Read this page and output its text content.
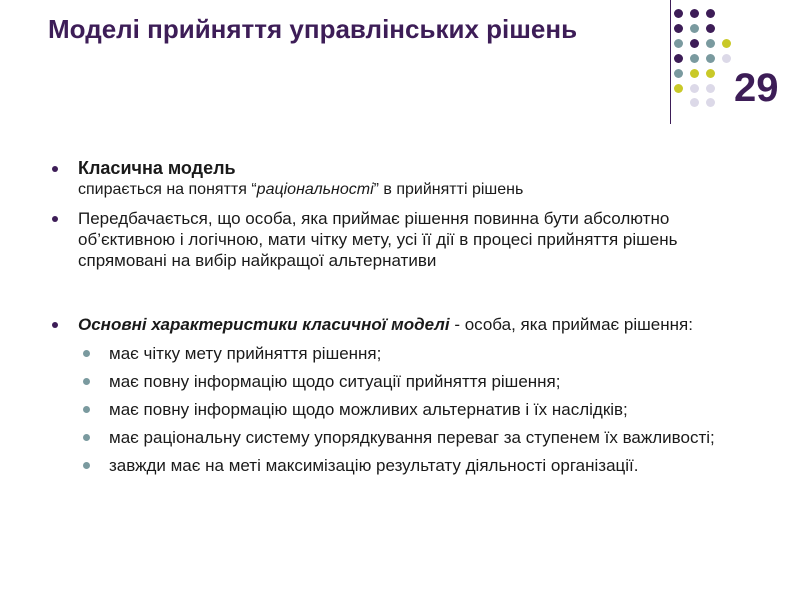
Моделі прийняття управлінських рішень
29
Класична модель
спирається на поняття “раціональності” в прийнятті рішень
Передбачається, що особа, яка приймає рішення повинна бути абсолютно об’єктивною і логічною, мати чітку мету, усі її дії в процесі прийняття рішень спрямовані на вибір найкращої альтернативи
Основні характеристики класичної моделі - особа, яка приймає рішення:
має чітку мету прийняття рішення;
має повну інформацію щодо ситуації прийняття рішення;
має повну інформацію щодо можливих альтернатив і їх наслідків;
має раціональну систему упорядкування переваг за ступенем їх важливості;
завжди має на меті максимізацію результату діяльності організації.
